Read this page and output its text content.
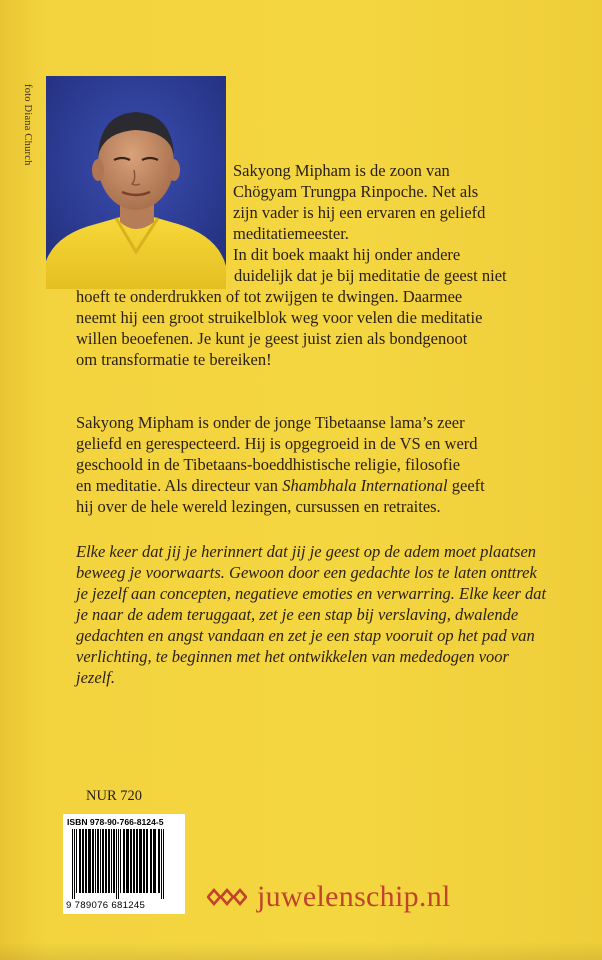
foto Diana Church

Sakyong Mipham is de zoon van
Chögyam Trungpa Rinpoche. Net als
zijn vader is hij een ervaren en geliefd
meditatiemeester.
In dit boek maakt hij onder andere

duidelijk dat je bij meditatie de geest niet
hoeft te onderdrukken of tot zwijgen te dwingen. Daarmee
neemt hij een groot struikelblok weg voor velen die meditatie
willen beoefenen. Je kunt je geest juist zien als bondgenoot
om transformatie te bereiken!

Sakyong Mipham is onder de jonge Tibetaanse lama’s zeer
geliefd en gerespecteerd. Hij is opgegroeid in de VS en werd
geschoold in de Tibetaans-boeddhistische religie, filosofie
en meditatie. Als directeur van Shambhala International geeft
hij over de hele wereld lezingen, cursussen en retraites.

Elke keer dat jij je herinnert dat jij je geest op de adem moet plaatsen
beweeg je voorwaarts. Gewoon door een gedachte los te laten onttrek
je jezelf aan concepten, negatieve emoties en verwarring. Elke keer dat
je naar de adem teruggaat, zet je een stap bij verslaving, dwalende
gedachten en angst vandaan en zet je een stap vooruit op het pad van
verlichting, te beginnen met het ontwikkelen van mededogen voor
jezelf.

NUR 720
ISBN 978-90-766-8124-5
9 789076 681245	juwelenschip.nl
